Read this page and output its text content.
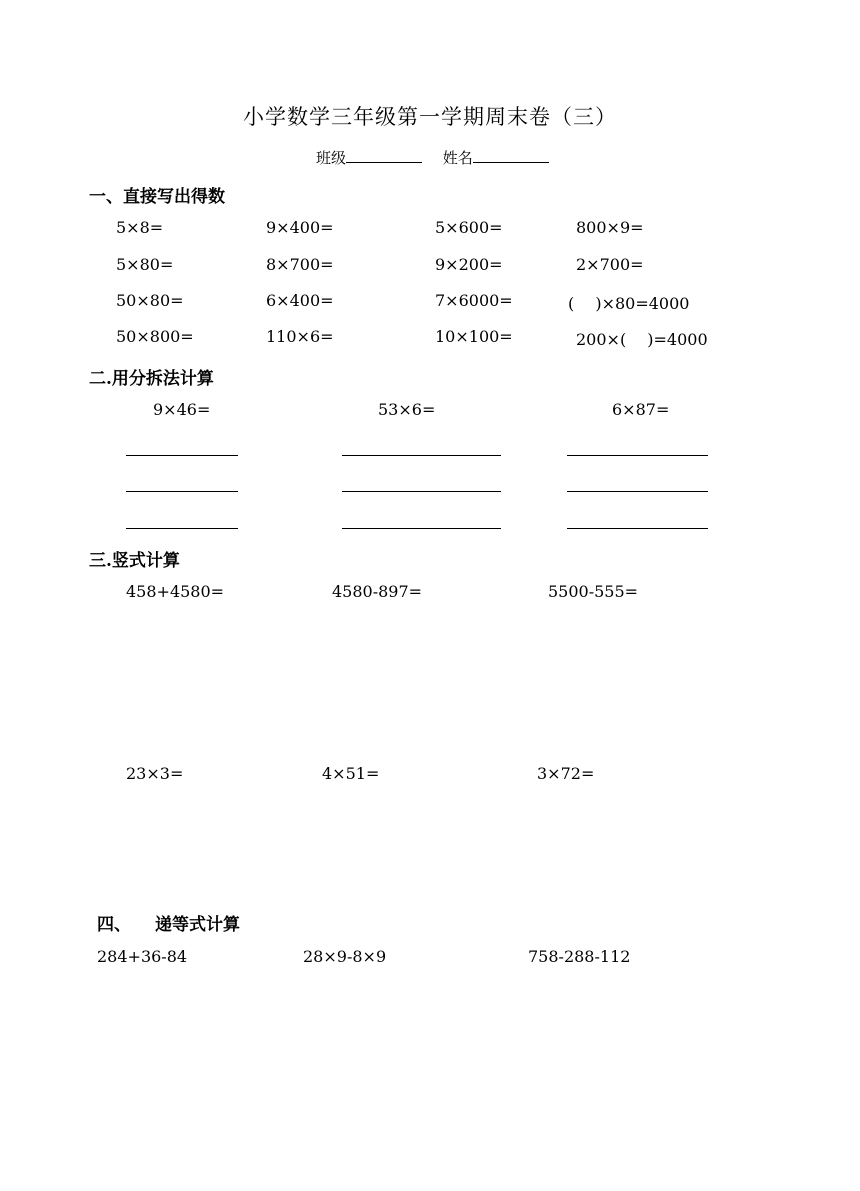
小学数学三年级第一学期周末卷（三）
班级	姓名
一、直接写出得数
5×8=	9×400=	5×600=	800×9=
5×80=	8×700=	9×200=	2×700=
50×80=	6×400=	7×6000=	(　 )×80=4000
50×800=	110×6=	10×100=	200×(　 )=4000
二.用分拆法计算
9×46=	53×6=	6×87=
三.竖式计算
458+4580=	4580-897=	5500-555=
23×3=	4×51=	3×72=
四、 递等式计算
284+36-84	28×9-8×9	758-288-112
